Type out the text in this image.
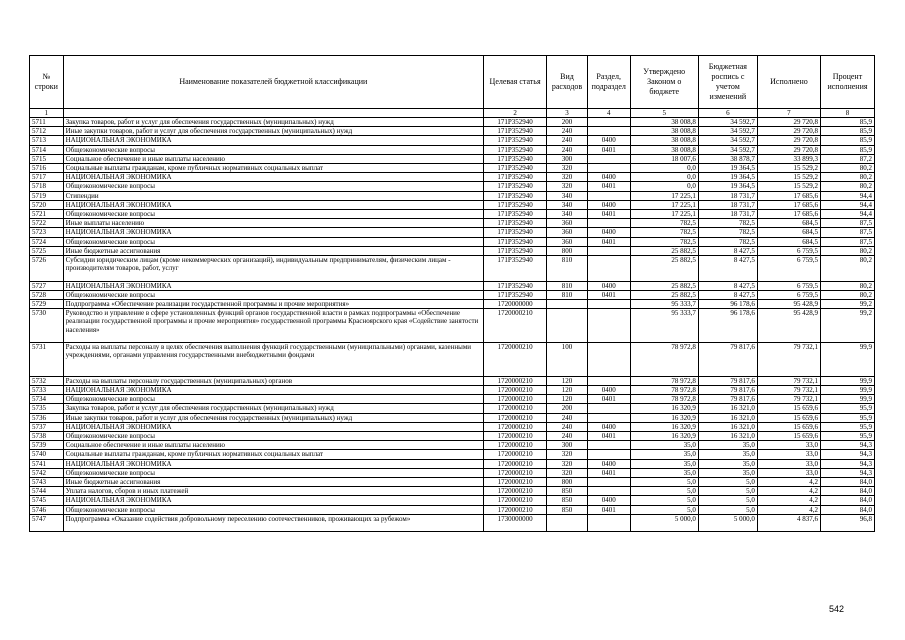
№ строки	Наименование показателей бюджетной классификации	Целевая статья	Вид расходов	Раздел, подраздел	Утверждено Законом о бюджете	Бюджетная роспись с учетом изменений	Исполнено	Процент исполнения
1		2	3	4	5	6	7	8
5711	Закупка товаров, работ и услуг для обеспечения государственных (муниципальных) нужд	171Р352940	200		38 008,8	34 592,7	29 720,8	85,9
5712	Иные закупки товаров, работ и услуг для обеспечения государственных (муниципальных) нужд	171Р352940	240		38 008,8	34 592,7	29 720,8	85,9
5713	НАЦИОНАЛЬНАЯ ЭКОНОМИКА	171Р352940	240	0400	38 008,8	34 592,7	29 720,8	85,9
5714	Общеэкономические вопросы	171Р352940	240	0401	38 008,8	34 592,7	29 720,8	85,9
5715	Социальное обеспечение и иные выплаты населению	171Р352940	300		18 007,6	38 878,7	33 899,3	87,2
5716	Социальные выплаты гражданам, кроме публичных нормативных социальных выплат	171Р352940	320		0,0	19 364,5	15 529,2	80,2
5717	НАЦИОНАЛЬНАЯ ЭКОНОМИКА	171Р352940	320	0400	0,0	19 364,5	15 529,2	80,2
5718	Общеэкономические вопросы	171Р352940	320	0401	0,0	19 364,5	15 529,2	80,2
5719	Стипендии	171Р352940	340		17 225,1	18 731,7	17 685,6	94,4
5720	НАЦИОНАЛЬНАЯ ЭКОНОМИКА	171Р352940	340	0400	17 225,1	18 731,7	17 685,6	94,4
5721	Общеэкономические вопросы	171Р352940	340	0401	17 225,1	18 731,7	17 685,6	94,4
5722	Иные выплаты населению	171Р352940	360		782,5	782,5	684,5	87,5
5723	НАЦИОНАЛЬНАЯ ЭКОНОМИКА	171Р352940	360	0400	782,5	782,5	684,5	87,5
5724	Общеэкономические вопросы	171Р352940	360	0401	782,5	782,5	684,5	87,5
5725	Иные бюджетные ассигнования	171Р352940	800		25 882,5	8 427,5	6 759,5	80,2
5726	Субсидии юридическим лицам (кроме некоммерческих организаций), индивидуальным предпринимателям, физическим лицам - производителям товаров, работ, услуг	171Р352940	810		25 882,5	8 427,5	6 759,5	80,2
5727	НАЦИОНАЛЬНАЯ ЭКОНОМИКА	171Р352940	810	0400	25 882,5	8 427,5	6 759,5	80,2
5728	Общеэкономические вопросы	171Р352940	810	0401	25 882,5	8 427,5	6 759,5	80,2
5729	Подпрограмма «Обеспечение реализации государственной программы и прочие мероприятия»	1720000000			95 333,7	96 178,6	95 428,9	99,2
5730	Руководство и управление в сфере установленных функций органов государственной власти в рамках подпрограммы «Обеспечение реализации государственной программы и прочие мероприятия» государственной программы Красноярского края «Содействие занятости населения»	1720000210			95 333,7	96 178,6	95 428,9	99,2
5731	Расходы на выплаты персоналу в целях обеспечения выполнения функций государственными (муниципальными) органами, казенными учреждениями, органами управления государственными внебюджетными фондами	1720000210	100		78 972,8	79 817,6	79 732,1	99,9
5732	Расходы на выплаты персоналу государственных (муниципальных) органов	1720000210	120		78 972,8	79 817,6	79 732,1	99,9
5733	НАЦИОНАЛЬНАЯ ЭКОНОМИКА	1720000210	120	0400	78 972,8	79 817,6	79 732,1	99,9
5734	Общеэкономические вопросы	1720000210	120	0401	78 972,8	79 817,6	79 732,1	99,9
5735	Закупка товаров, работ и услуг для обеспечения государственных (муниципальных) нужд	1720000210	200		16 320,9	16 321,0	15 659,6	95,9
5736	Иные закупки товаров, работ и услуг для обеспечения государственных (муниципальных) нужд	1720000210	240		16 320,9	16 321,0	15 659,6	95,9
5737	НАЦИОНАЛЬНАЯ ЭКОНОМИКА	1720000210	240	0400	16 320,9	16 321,0	15 659,6	95,9
5738	Общеэкономические вопросы	1720000210	240	0401	16 320,9	16 321,0	15 659,6	95,9
5739	Социальное обеспечение и иные выплаты населению	1720000210	300		35,0	35,0	33,0	94,3
5740	Социальные выплаты гражданам, кроме публичных нормативных социальных выплат	1720000210	320		35,0	35,0	33,0	94,3
5741	НАЦИОНАЛЬНАЯ ЭКОНОМИКА	1720000210	320	0400	35,0	35,0	33,0	94,3
5742	Общеэкономические вопросы	1720000210	320	0401	35,0	35,0	33,0	94,3
5743	Иные бюджетные ассигнования	1720000210	800		5,0	5,0	4,2	84,0
5744	Уплата налогов, сборов и иных платежей	1720000210	850		5,0	5,0	4,2	84,0
5745	НАЦИОНАЛЬНАЯ ЭКОНОМИКА	1720000210	850	0400	5,0	5,0	4,2	84,0
5746	Общеэкономические вопросы	1720000210	850	0401	5,0	5,0	4,2	84,0
5747	Подпрограмма «Оказание содействия добровольному переселению соотечественников, проживающих за рубежом»	1730000000			5 000,0	5 000,0	4 837,6	96,8
542
